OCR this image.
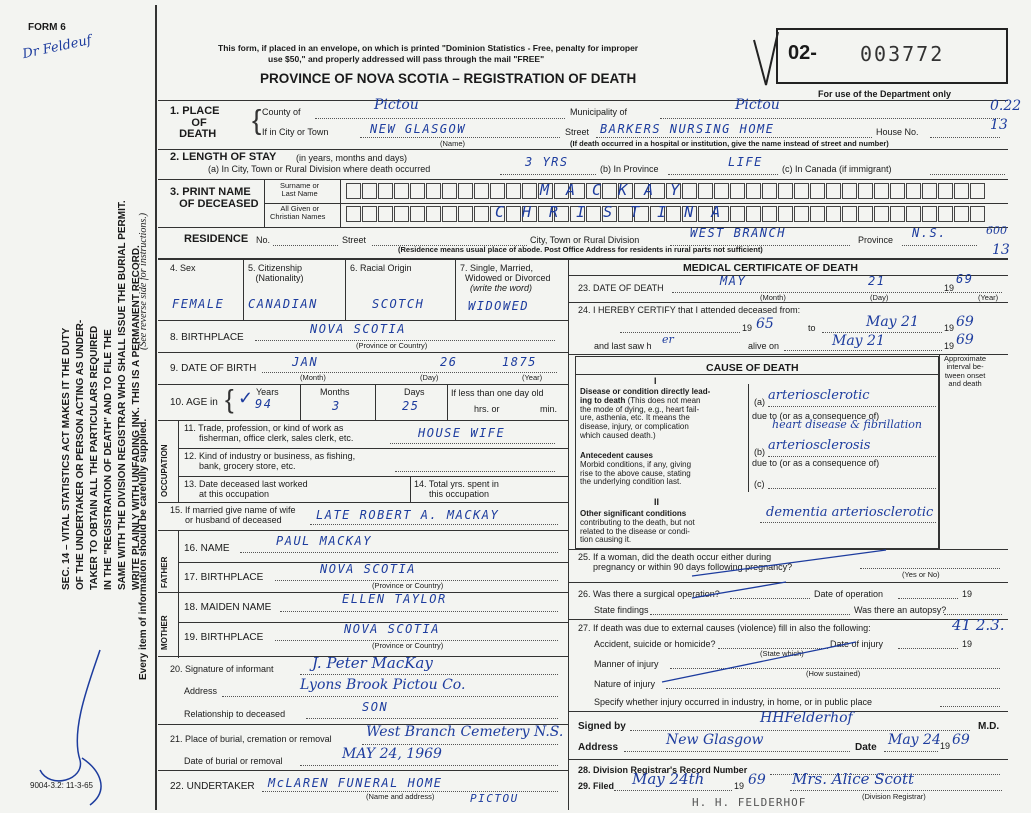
FORM 6
Dr Feldeuf
SEC. 14 – VITAL STATISTICS ACT MAKES IT THE DUTY OF THE UNDERTAKER OR PERSON ACTING AS UNDER- TAKER TO OBTAIN ALL THE PARTICULARS REQUIRED IN THE "REGISTRATION OF DEATH" AND TO FILE THE SAME WITH THE DIVISION REGISTRAR WHO SHALL ISSUE THE BURIAL PERMIT. WRITE PLAINLY WITH UNFADING INK. THIS IS A PERMANENT RECORD.
Every item of information should be carefully supplied.
(See reverse side for instructions.)
9004-3.2: 11-3-65
This form, if placed in an envelope, on which is printed "Dominion Statistics - Free, penalty for improper
use $50," and properly addressed will pass through the mail "FREE"
PROVINCE OF NOVA SCOTIA – REGISTRATION OF DEATH
02- 003772
For use of the Department only
1. PLACE
OF
DEATH { County of	Pictou	Municipality of	Pictou	0.22
If in City or Town	NEW GLASGOW
(Name)
Street BARKERS NURSING HOME	House No.	13
(If death occurred in a hospital or institution, give the name instead of street and number)
2. LENGTH OF STAY (in years, months and days)
(a) In City, Town or Rural Division where death occurred	3 YRS	(b) In Province	LIFE (c) In Canada (if immigrant)
3. PRINT NAME
OF DECEASED
Surname or
Last Name
All Given or
Christian Names
MACKAY
CHRISTINA
RESIDENCE No.	Street	City, Town or Rural Division	WEST BRANCH	Province N.S.	600
13
(Residence means usual place of abode. Post Office Address for residents in rural parts not sufficient)
4. Sex
FEMALE
5. Citizenship
(Nationality)
CANADIAN
6. Racial Origin
SCOTCH
7. Single, Married,
Widowed or Divorced
(write the word)
WIDOWED
8. BIRTHPLACE
NOVA SCOTIA
(Province or Country)
9. DATE OF BIRTH	JAN	26	1875
(Month)	(Day)	(Year)
10. AGE in { Years
94
✓	Months
3
Days
25
If less than one day old
hrs. or	min.
OCCUPATION
11. Trade, profession, or kind of work as
fisherman, office clerk, sales clerk, etc.	HOUSE WIFE
12. Kind of industry or business, as fishing,
bank, grocery store, etc.
13. Date deceased last worked
at this occupation
14. Total yrs. spent in
this occupation
15. If married give name of wife
or husband of deceased	LATE ROBERT A. MACKAY
FATHER
16. NAME
PAUL MACKAY
17. BIRTHPLACE
NOVA SCOTIA
(Province or Country)
MOTHER
18. MAIDEN NAME
ELLEN TAYLOR
19. BIRTHPLACE
NOVA SCOTIA
(Province or Country)
20. Signature of informant	J. Peter MacKay
Address	Lyons Brook Pictou Co.
Relationship to deceased	SON
21. Place of burial, cremation or removal West Branch Cemetery N.S.
Date of burial or removal	MAY 24, 1969
22. UNDERTAKER McLAREN FUNERAL HOME
(Name and address)	PICTOU
MEDICAL CERTIFICATE OF DEATH
23. DATE OF DEATH	MAY	21	19
69
(Month)	(Day)	(Year)
24. I HEREBY CERTIFY that I attended deceased from:
19 65	to	May 21	19 69
and last saw h er	alive on	May 21	19 69
CAUSE OF DEATH
Approximate
interval be-
tween onset
and death
I
Disease or condition directly lead-
ing to death (This does not mean
the mode of dying, e.g., heart fail-
ure, asthenia, etc. It means the
disease, injury, or complication
which caused death.)
(a) arteriosclerotic
due to (or as a consequence of)
heart disease & fibrillation
Antecedent causes
Morbid conditions, if any, giving
rise to the above cause, stating
the underlying condition last.
(b) arteriosclerosis
due to (or as a consequence of)
(c)
II
Other significant conditions
contributing to the death, but not
related to the disease or condi-
tion causing it.
dementia arteriosclerotic
25. If a woman, did the death occur either during
pregnancy or within 90 days following pregnancy?
(Yes or No)
26. Was there a surgical operation?	Date of operation	19
State findings	Was there an autopsy?
27. If death was due to external causes (violence) fill in also the following:	41 2.3.
Accident, suicide or homicide?
(State which)
Date of injury	19
Manner of injury
(How sustained)
Nature of injury
Specify whether injury occurred in industry, in home, or in public place
Signed by
HHFelderhof
M.D.
Address	New Glasgow	Date May 24 19 69
28. Division Registrar's Record Number
29. Filed May 24th	19 69 Mrs. Alice Scott
(Division Registrar)
H. H. FELDERHOF
